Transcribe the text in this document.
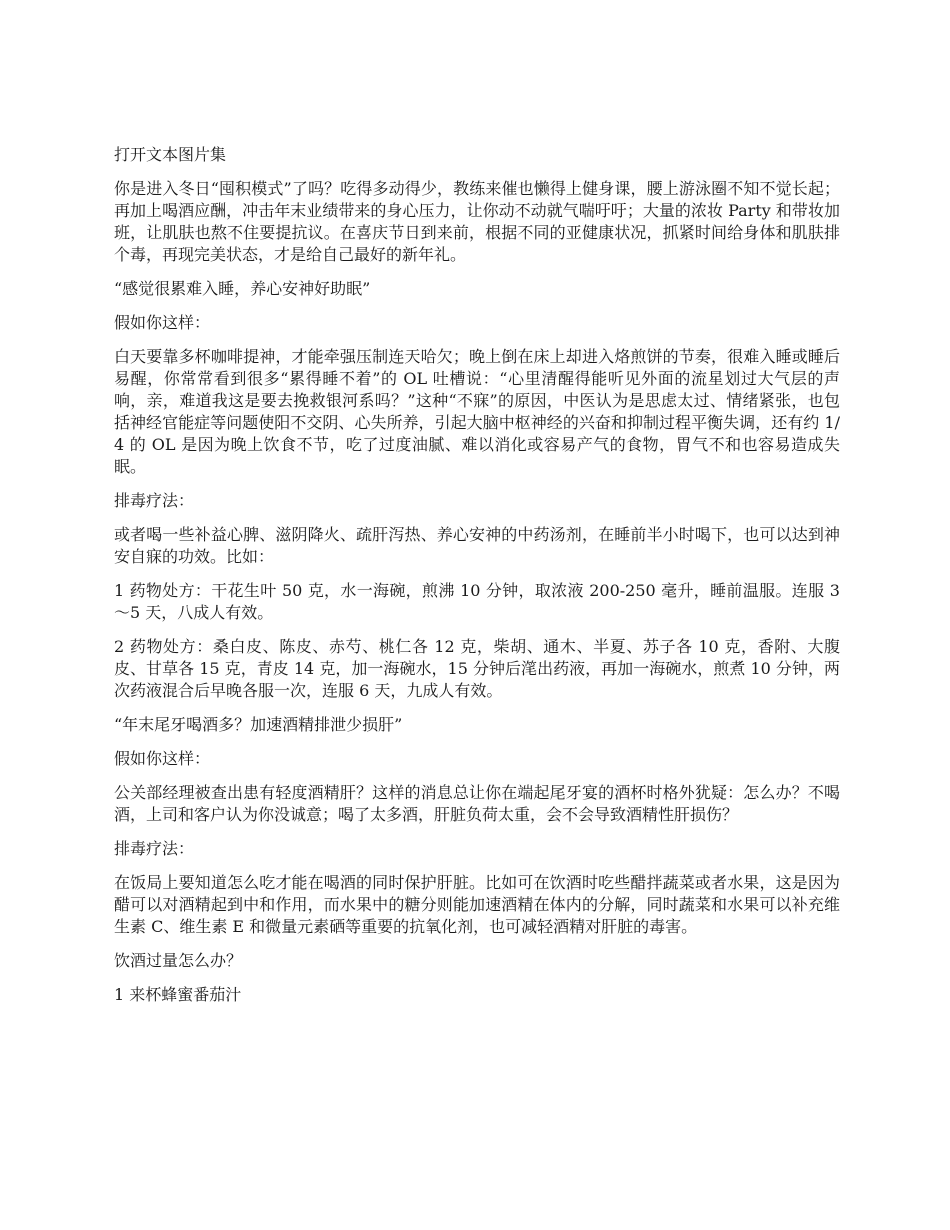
打开文本图片集

你是进入冬日“囤积模式”了吗？吃得多动得少，教练来催也懒得上健身课，腰上游泳圈不知不觉长起；再加上喝酒应酬，冲击年末业绩带来的身心压力，让你动不动就气喘吁吁；大量的浓妆 Party 和带妆加班，让肌肤也熬不住要提抗议。在喜庆节日到来前，根据不同的亚健康状况，抓紧时间给身体和肌肤排个毒，再现完美状态，才是给自己最好的新年礼。

“感觉很累难入睡，养心安神好助眠”

假如你这样：

白天要靠多杯咖啡提神，才能牵强压制连天哈欠；晚上倒在床上却进入烙煎饼的节奏，很难入睡或睡后易醒，你常常看到很多“累得睡不着”的 OL 吐槽说：“心里清醒得能听见外面的流星划过大气层的声响，亲，难道我这是要去挽救银河系吗？”这种“不寐”的原因，中医认为是思虑太过、情绪紧张，也包括神经官能症等问题使阳不交阴、心失所养，引起大脑中枢神经的兴奋和抑制过程平衡失调，还有约 1/4 的 OL 是因为晚上饮食不节，吃了过度油腻、难以消化或容易产气的食物，胃气不和也容易造成失眠。

排毒疗法：

或者喝一些补益心脾、滋阴降火、疏肝泻热、养心安神的中药汤剂，在睡前半小时喝下，也可以达到神安自寐的功效。比如：

1 药物处方：干花生叶 50 克，水一海碗，煎沸 10 分钟，取浓液 200-250 毫升，睡前温服。连服 3～5 天，八成人有效。

2 药物处方：桑白皮、陈皮、赤芍、桃仁各 12 克，柴胡、通木、半夏、苏子各 10 克，香附、大腹皮、甘草各 15 克，青皮 14 克，加一海碗水，15 分钟后滗出药液，再加一海碗水，煎煮 10 分钟，两次药液混合后早晚各服一次，连服 6 天，九成人有效。

“年末尾牙喝酒多？加速酒精排泄少损肝”

假如你这样：

公关部经理被查出患有轻度酒精肝？这样的消息总让你在端起尾牙宴的酒杯时格外犹疑：怎么办？不喝酒，上司和客户认为你没诚意；喝了太多酒，肝脏负荷太重，会不会导致酒精性肝损伤？

排毒疗法：

在饭局上要知道怎么吃才能在喝酒的同时保护肝脏。比如可在饮酒时吃些醋拌蔬菜或者水果，这是因为醋可以对酒精起到中和作用，而水果中的糖分则能加速酒精在体内的分解，同时蔬菜和水果可以补充维生素 C、维生素 E 和微量元素硒等重要的抗氧化剂，也可减轻酒精对肝脏的毒害。

饮酒过量怎么办？

1 来杯蜂蜜番茄汁
